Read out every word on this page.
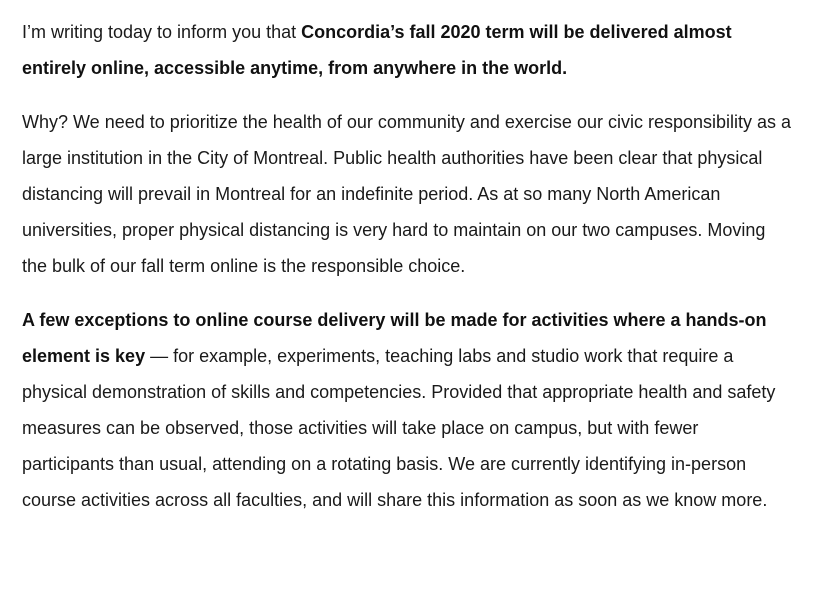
I’m writing today to inform you that Concordia’s fall 2020 term will be delivered almost entirely online, accessible anytime, from anywhere in the world.

Why? We need to prioritize the health of our community and exercise our civic responsibility as a large institution in the City of Montreal. Public health authorities have been clear that physical distancing will prevail in Montreal for an indefinite period. As at so many North American universities, proper physical distancing is very hard to maintain on our two campuses. Moving the bulk of our fall term online is the responsible choice.

A few exceptions to online course delivery will be made for activities where a hands-on element is key — for example, experiments, teaching labs and studio work that require a physical demonstration of skills and competencies. Provided that appropriate health and safety measures can be observed, those activities will take place on campus, but with fewer participants than usual, attending on a rotating basis. We are currently identifying in-person course activities across all faculties, and will share this information as soon as we know more.
